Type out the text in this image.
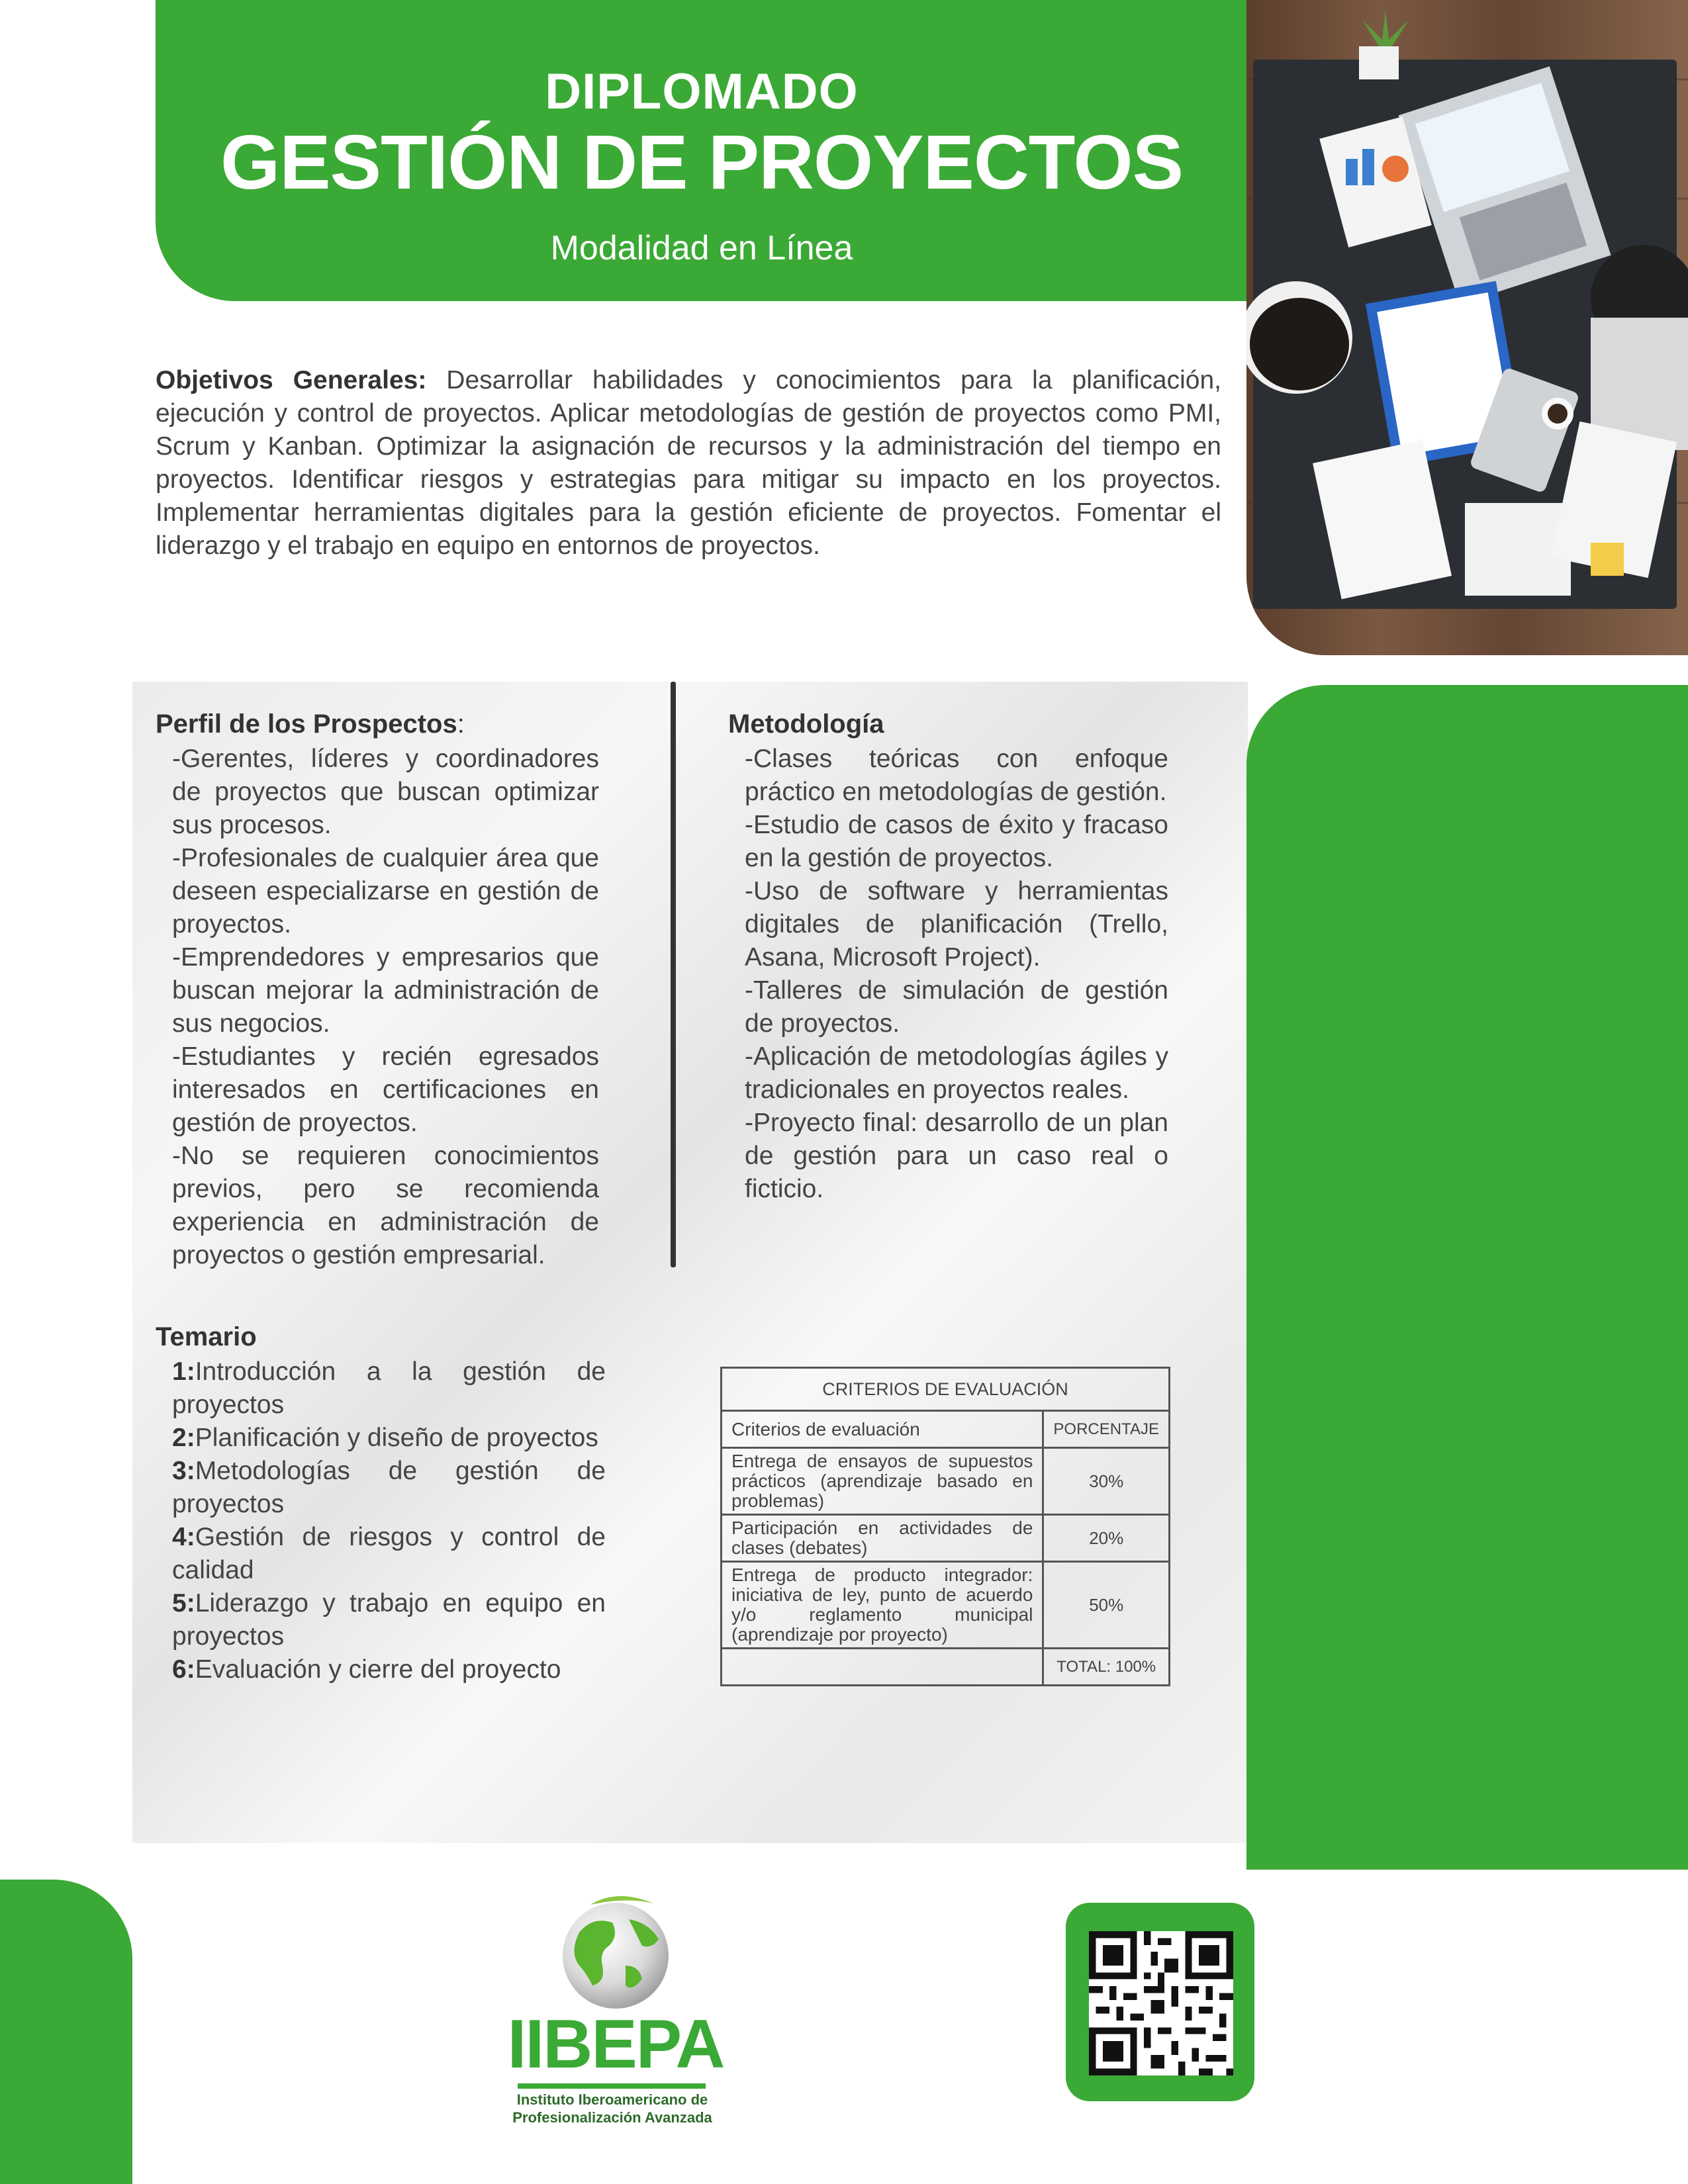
DIPLOMADO
GESTIÓN DE PROYECTOS
Modalidad en Línea
Objetivos Generales: Desarrollar habilidades y conocimientos para la planificación, ejecución y control de proyectos. Aplicar metodologías de gestión de proyectos como PMI, Scrum y Kanban. Optimizar la asignación de recursos y la administración del tiempo en proyectos. Identificar riesgos y estrategias para mitigar su impacto en los proyectos. Implementar herramientas digitales para la gestión eficiente de proyectos. Fomentar el liderazgo y el trabajo en equipo en entornos de proyectos.
Perfil de los Prospectos:

-Gerentes, líderes y coordinadores de proyectos que buscan optimizar sus procesos.

-Profesionales de cualquier área que deseen especializarse en gestión de proyectos.

-Emprendedores y empresarios que buscan mejorar la administración de sus negocios.

-Estudiantes y recién egresados interesados en certificaciones en gestión de proyectos.

-No se requieren conocimientos previos, pero se recomienda experiencia en administración de proyectos o gestión empresarial.

Metodología

-Clases teóricas con enfoque práctico en metodologías de gestión.

-Estudio de casos de éxito y fracaso en la gestión de proyectos.

-Uso de software y herramientas digitales de planificación (Trello, Asana, Microsoft Project).

-Talleres de simulación de gestión de proyectos.

-Aplicación de metodologías ágiles y tradicionales en proyectos reales.

-Proyecto final: desarrollo de un plan de gestión para un caso real o ficticio.

Temario

1:Introducción a la gestión de proyectos

2:Planificación y diseño de proyectos

3:Metodologías de gestión de proyectos

4:Gestión de riesgos y control de calidad

5:Liderazgo y trabajo en equipo en proyectos

6:Evaluación y cierre del proyecto

CRITERIOS DE EVALUACIÓN	
Criterios de evaluación	PORCENTAJE
Entrega de ensayos de supuestos prácticos (aprendizaje basado en problemas)	30%
Participación en actividades de clases (debates)	20%
Entrega de producto integrador: iniciativa de ley, punto de acuerdo y/o reglamento municipal (aprendizaje por proyecto)	50%
	TOTAL: 100%
IIBEPA
Instituto Iberoamericano de
Profesionalización Avanzada
REGÍSTRATE AQUÍ
